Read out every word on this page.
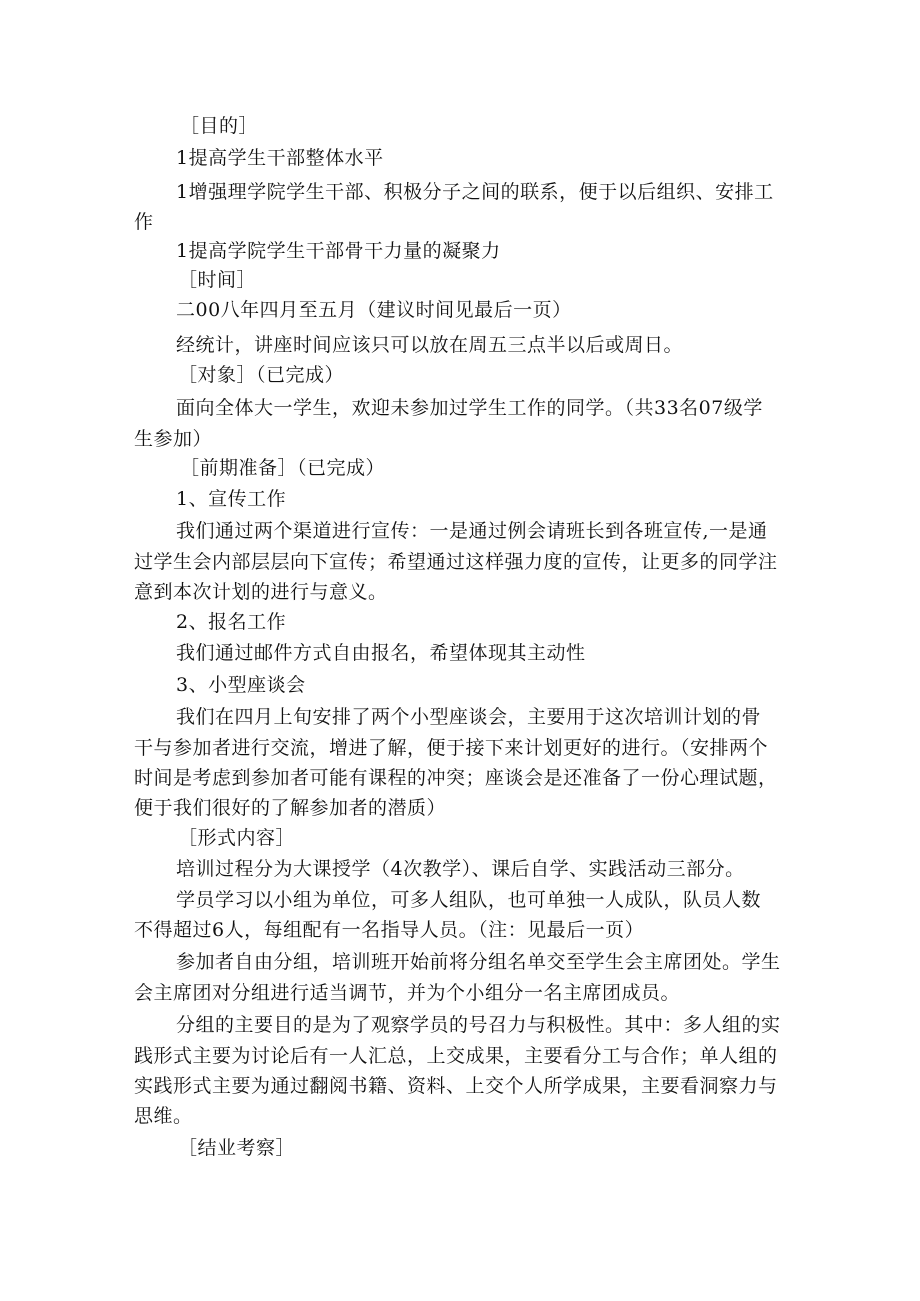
［目的］
1提高学生干部整体水平
1增强理学院学生干部、积极分子之间的联系，便于以后组织、安排工
作
1提高学院学生干部骨干力量的凝聚力
［时间］
二00八年四月至五月（建议时间见最后一页）
经统计，讲座时间应该只可以放在周五三点半以后或周日。
［对象］（已完成）
面向全体大一学生，欢迎未参加过学生工作的同学。（共33名07级学
生参加）
［前期准备］（已完成）
1、宣传工作
我们通过两个渠道进行宣传：一是通过例会请班长到各班宣传,一是通
过学生会内部层层向下宣传；希望通过这样强力度的宣传，让更多的同学注
意到本次计划的进行与意义。
2、报名工作
我们通过邮件方式自由报名，希望体现其主动性
3、小型座谈会
我们在四月上旬安排了两个小型座谈会，主要用于这次培训计划的骨
干与参加者进行交流，增进了解，便于接下来计划更好的进行。（安排两个
时间是考虑到参加者可能有课程的冲突；座谈会是还准备了一份心理试题，
便于我们很好的了解参加者的潜质）
［形式内容］
培训过程分为大课授学（4次教学）、课后自学、实践活动三部分。
学员学习以小组为单位，可多人组队，也可单独一人成队，队员人数
不得超过6人，每组配有一名指导人员。（注：见最后一页）
参加者自由分组，培训班开始前将分组名单交至学生会主席团处。学生
会主席团对分组进行适当调节，并为个小组分一名主席团成员。
分组的主要目的是为了观察学员的号召力与积极性。其中：多人组的实
践形式主要为讨论后有一人汇总，上交成果，主要看分工与合作；单人组的
实践形式主要为通过翻阅书籍、资料、上交个人所学成果，主要看洞察力与
思维。
［结业考察］
